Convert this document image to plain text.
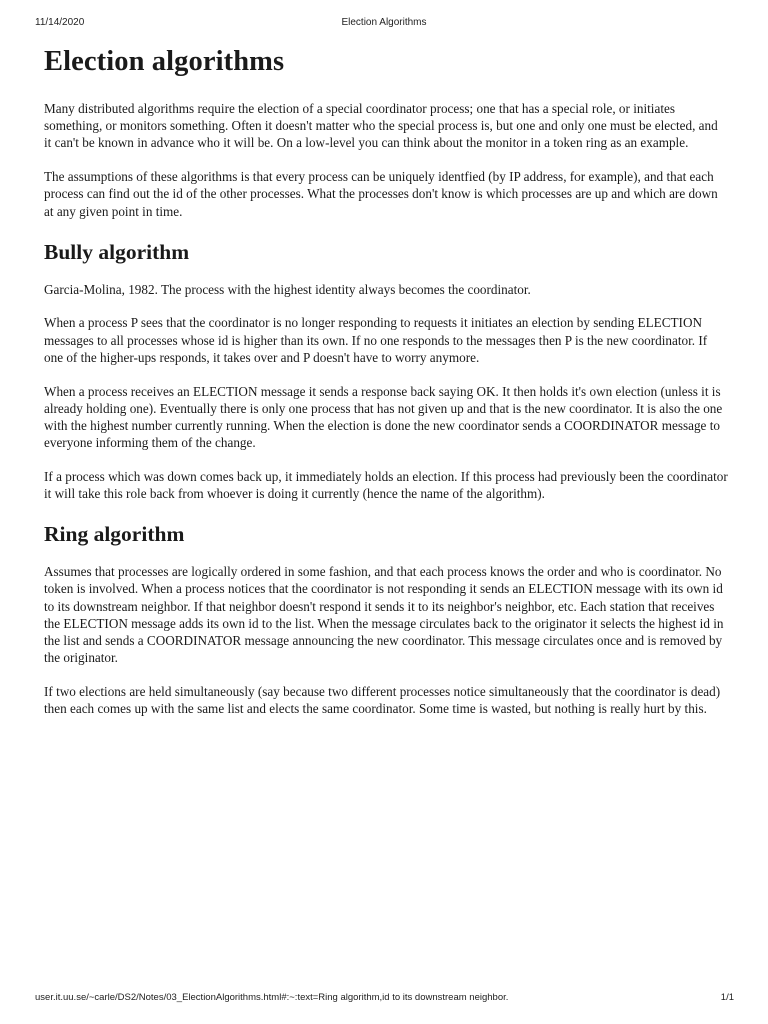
11/14/2020	Election Algorithms
Election algorithms

Many distributed algorithms require the election of a special coordinator process; one that has a special role, or initiates something, or monitors something. Often it doesn't matter who the special process is, but one and only one must be elected, and it can't be known in advance who it will be. On a low-level you can think about the monitor in a token ring as an example.

The assumptions of these algorithms is that every process can be uniquely identfied (by IP address, for example), and that each process can find out the id of the other processes. What the processes don't know is which processes are up and which are down at any given point in time.

Bully algorithm

Garcia-Molina, 1982. The process with the highest identity always becomes the coordinator.

When a process P sees that the coordinator is no longer responding to requests it initiates an election by sending ELECTION messages to all processes whose id is higher than its own. If no one responds to the messages then P is the new coordinator. If one of the higher-ups responds, it takes over and P doesn't have to worry anymore.

When a process receives an ELECTION message it sends a response back saying OK. It then holds it's own election (unless it is already holding one). Eventually there is only one process that has not given up and that is the new coordinator. It is also the one with the highest number currently running. When the election is done the new coordinator sends a COORDINATOR message to everyone informing them of the change.

If a process which was down comes back up, it immediately holds an election. If this process had previously been the coordinator it will take this role back from whoever is doing it currently (hence the name of the algorithm).

Ring algorithm

Assumes that processes are logically ordered in some fashion, and that each process knows the order and who is coordinator. No token is involved. When a process notices that the coordinator is not responding it sends an ELECTION message with its own id to its downstream neighbor. If that neighbor doesn't respond it sends it to its neighbor's neighbor, etc. Each station that receives the ELECTION message adds its own id to the list. When the message circulates back to the originator it selects the highest id in the list and sends a COORDINATOR message announcing the new coordinator. This message circulates once and is removed by the originator.

If two elections are held simultaneously (say because two different processes notice simultaneously that the coordinator is dead) then each comes up with the same list and elects the same coordinator. Some time is wasted, but nothing is really hurt by this.

user.it.uu.se/~carle/DS2/Notes/03_ElectionAlgorithms.html#:~:text=Ring algorithm,id to its downstream neighbor.	1/1
